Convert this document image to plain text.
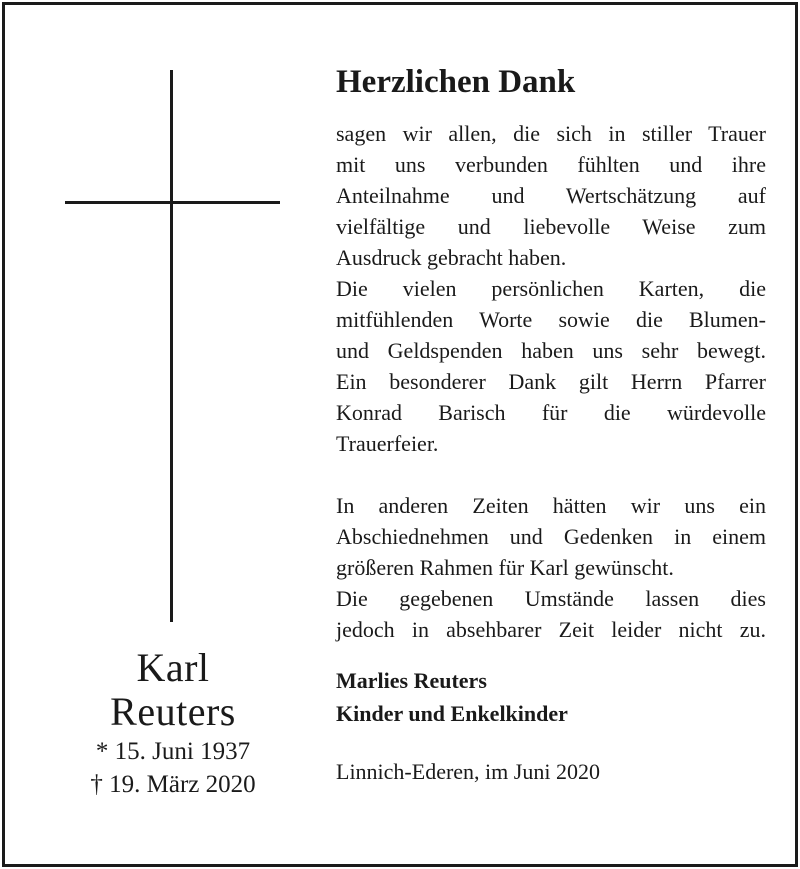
Karl
Reuters
* 15. Juni 1937
† 19. März 2020
Herzlichen Dank
sagen wir allen, die sich in stiller Trauer
mit uns verbunden fühlten und ihre
Anteilnahme und Wertschätzung auf
vielfältige und liebevolle Weise zum
Ausdruck gebracht haben.
Die vielen persönlichen Karten, die
mitfühlenden Worte sowie die Blumen-
und Geldspenden haben uns sehr bewegt.
Ein besonderer Dank gilt Herrn Pfarrer
Konrad Barisch für die würdevolle
Trauerfeier.
In anderen Zeiten hätten wir uns ein
Abschiednehmen und Gedenken in einem
größeren Rahmen für Karl gewünscht.
Die gegebenen Umstände lassen dies
jedoch in absehbarer Zeit leider nicht zu.
Marlies Reuters
Kinder und Enkelkinder
Linnich-Ederen, im Juni 2020
